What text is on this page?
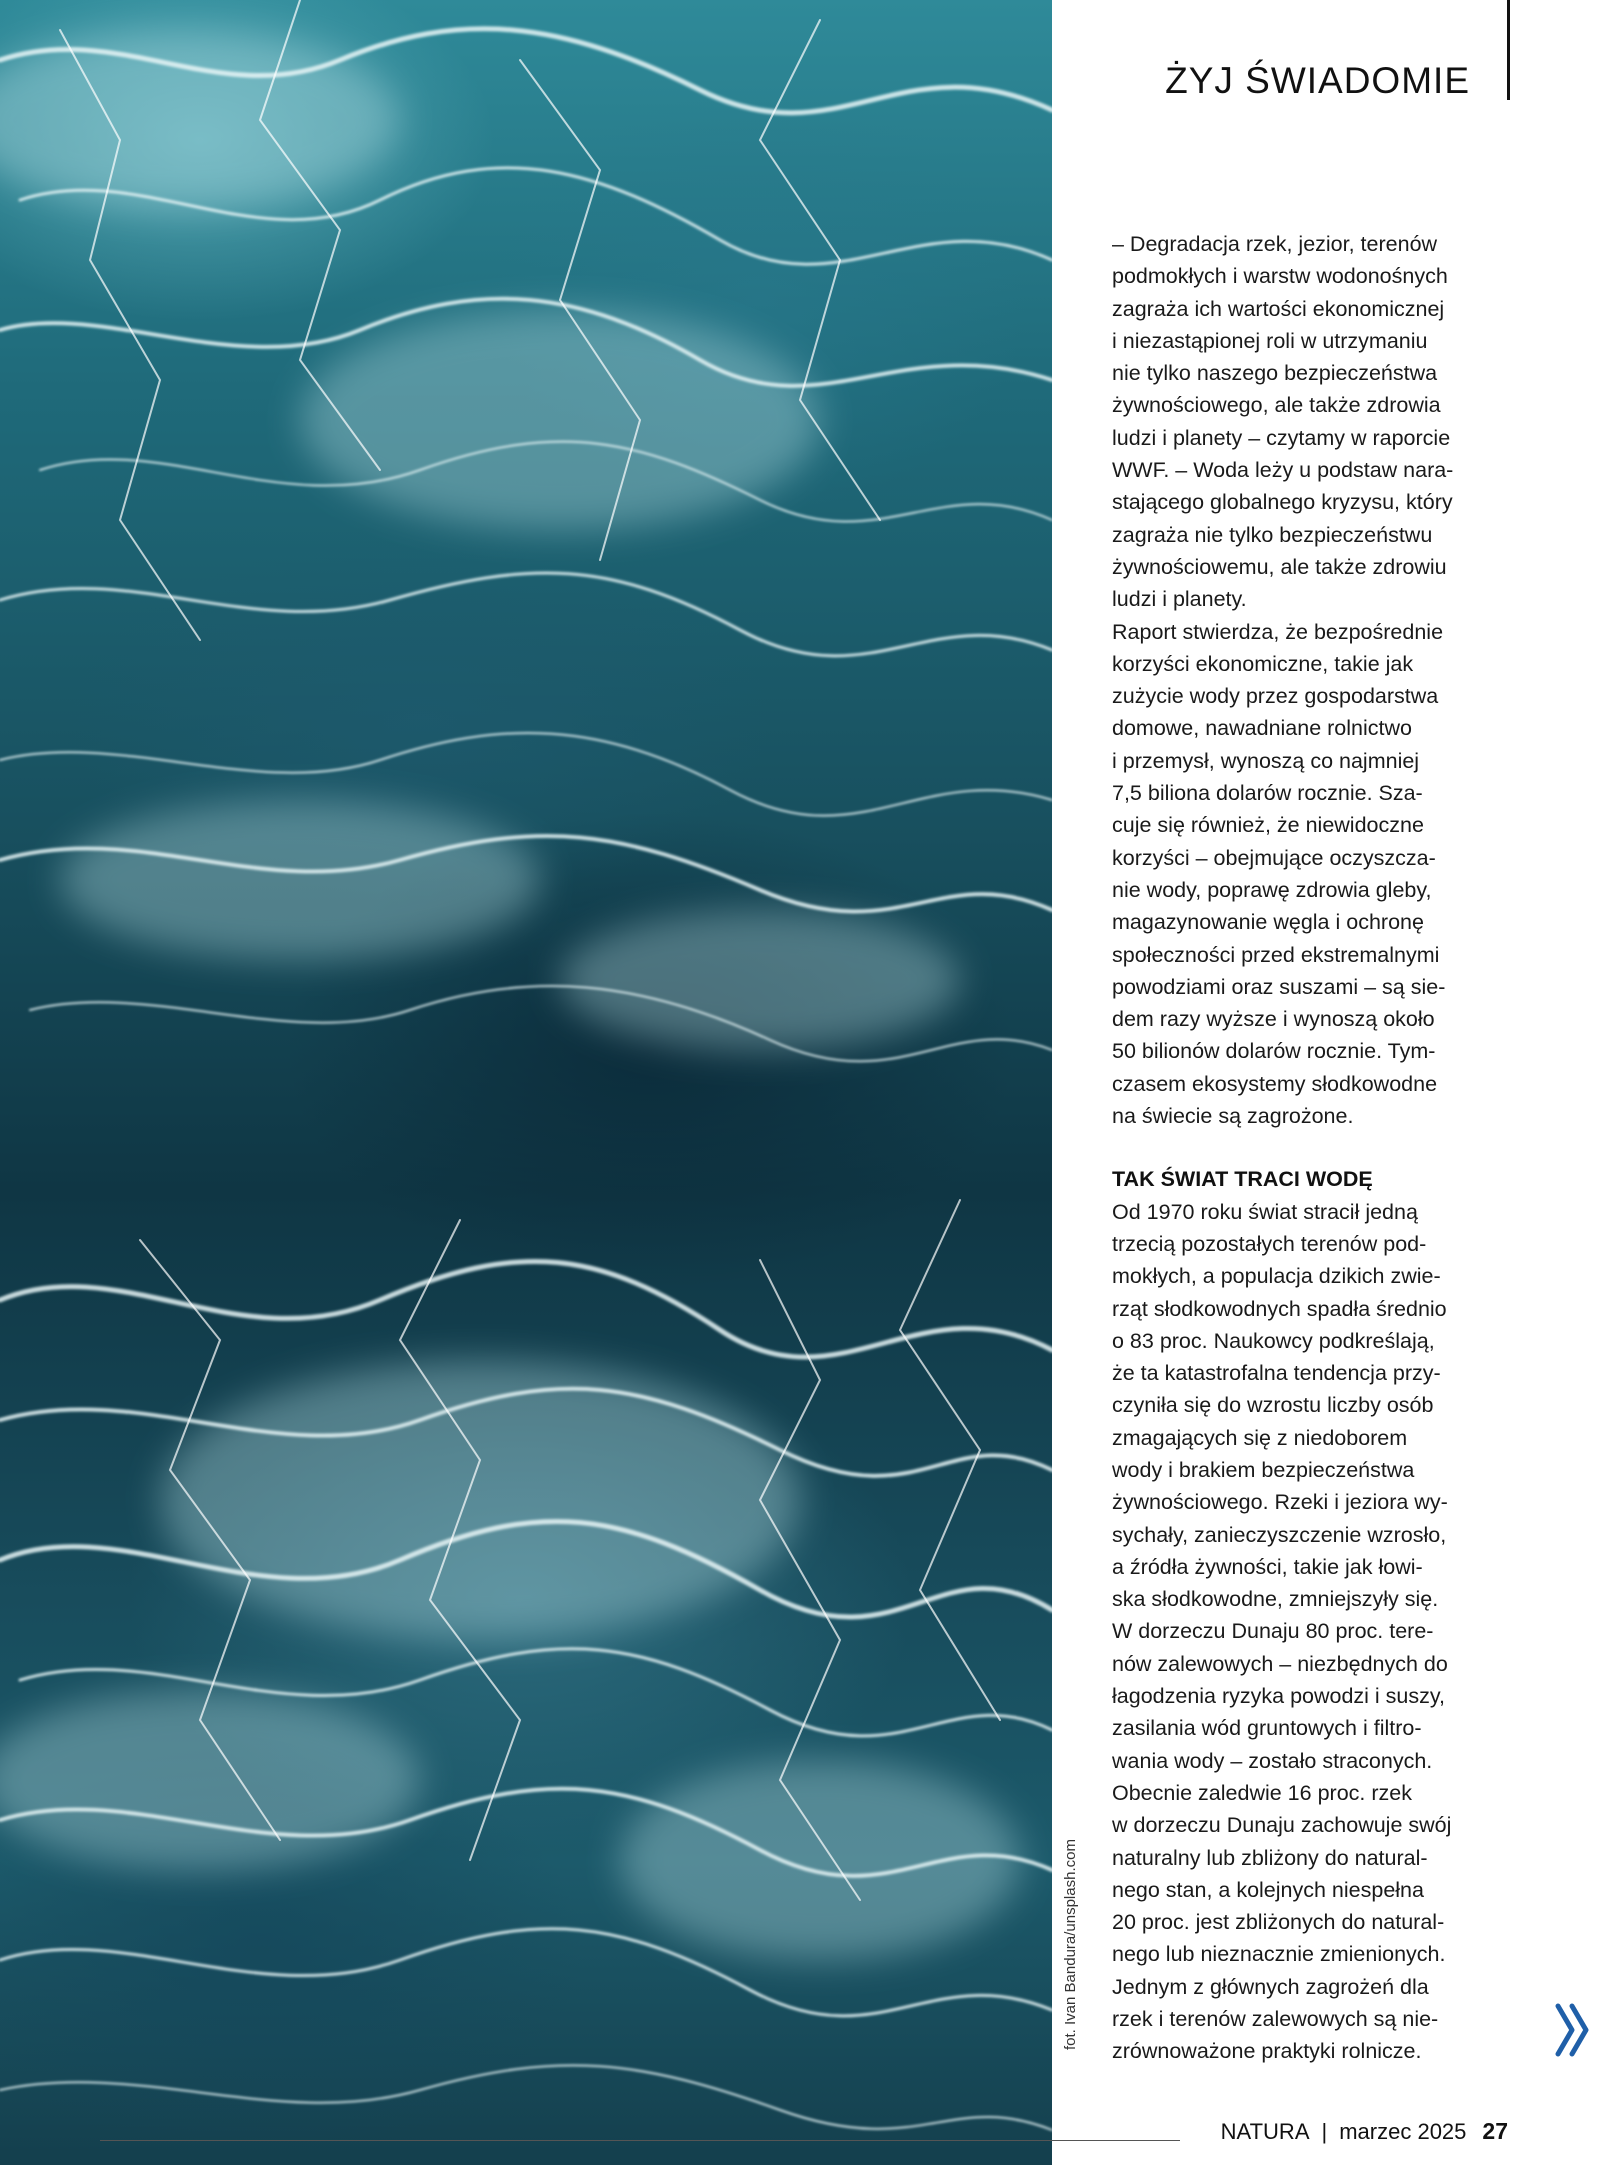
fot. Ivan Bandura/unsplash.com
ŻYJ ŚWIADOMIE

– Degradacja rzek, jezior, terenów
podmokłych i warstw wodonośnych
zagraża ich wartości ekonomicznej
i niezastąpionej roli w utrzymaniu
nie tylko naszego bezpieczeństwa
żywnościowego, ale także zdrowia
ludzi i planety – czytamy w raporcie
WWF. – Woda leży u podstaw nara-
stającego globalnego kryzysu, który
zagraża nie tylko bezpieczeństwu
żywnościowemu, ale także zdrowiu
ludzi i planety.

Raport stwierdza, że bezpośrednie
korzyści ekonomiczne, takie jak
zużycie wody przez gospodarstwa
domowe, nawadniane rolnictwo
i przemysł, wynoszą co najmniej
7,5 biliona dolarów rocznie. Sza-
cuje się również, że niewidoczne
korzyści – obejmujące oczyszcza-
nie wody, poprawę zdrowia gleby,
magazynowanie węgla i ochronę
społeczności przed ekstremalnymi
powodziami oraz suszami – są sie-
dem razy wyższe i wynoszą około
50 bilionów dolarów rocznie. Tym-
czasem ekosystemy słodkowodne
na świecie są zagrożone.

TAK ŚWIAT TRACI WODĘ

Od 1970 roku świat stracił jedną
trzecią pozostałych terenów pod-
mokłych, a populacja dzikich zwie-
rząt słodkowodnych spadła średnio
o 83 proc. Naukowcy podkreślają,
że ta katastrofalna tendencja przy-
czyniła się do wzrostu liczby osób
zmagających się z niedoborem
wody i brakiem bezpieczeństwa
żywnościowego. Rzeki i jeziora wy-
sychały, zanieczyszczenie wzrosło,
a źródła żywności, takie jak łowi-
ska słodkowodne, zmniejszyły się.
W dorzeczu Dunaju 80 proc. tere-
nów zalewowych – niezbędnych do
łagodzenia ryzyka powodzi i suszy,
zasilania wód gruntowych i filtro-
wania wody – zostało straconych.
Obecnie zaledwie 16 proc. rzek
w dorzeczu Dunaju zachowuje swój
naturalny lub zbliżony do natural-
nego stan, a kolejnych niespełna
20 proc. jest zbliżonych do natural-
nego lub nieznacznie zmienionych.
Jednym z głównych zagrożeń dla
rzek i terenów zalewowych są nie-
zrównoważone praktyki rolnicze.

NATURA | marzec 2025 27
